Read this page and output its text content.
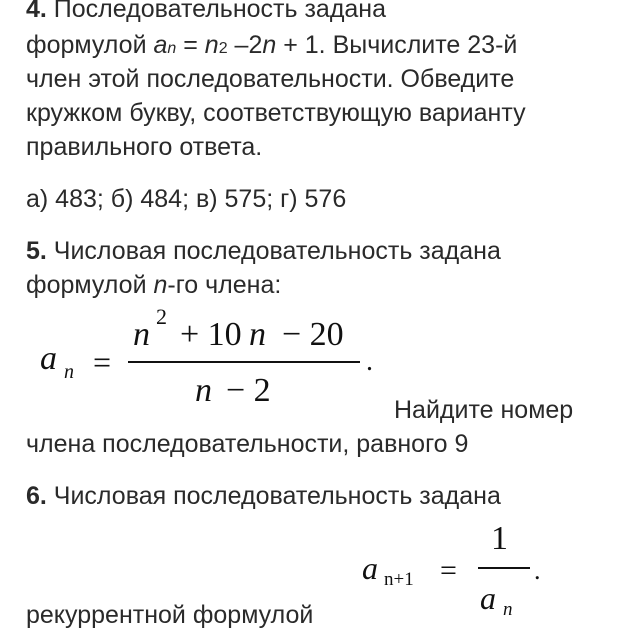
4. Последовательность задана
формулой an = n2 –2n + 1. Вычислите 23-й
член этой последовательности. Обведите
кружком букву, соответствующую варианту
правильного ответа.
а) 483; б) 484; в) 575; г) 576
5. Числовая последовательность задана
формулой n-го члена:
a n =
n 2 + 10 n − 20
n − 2
.
Найдите номер
члена последовательности, равного 9
6. Числовая последовательность задана
a n+1 =
1
a n
.
рекуррентной формулой
